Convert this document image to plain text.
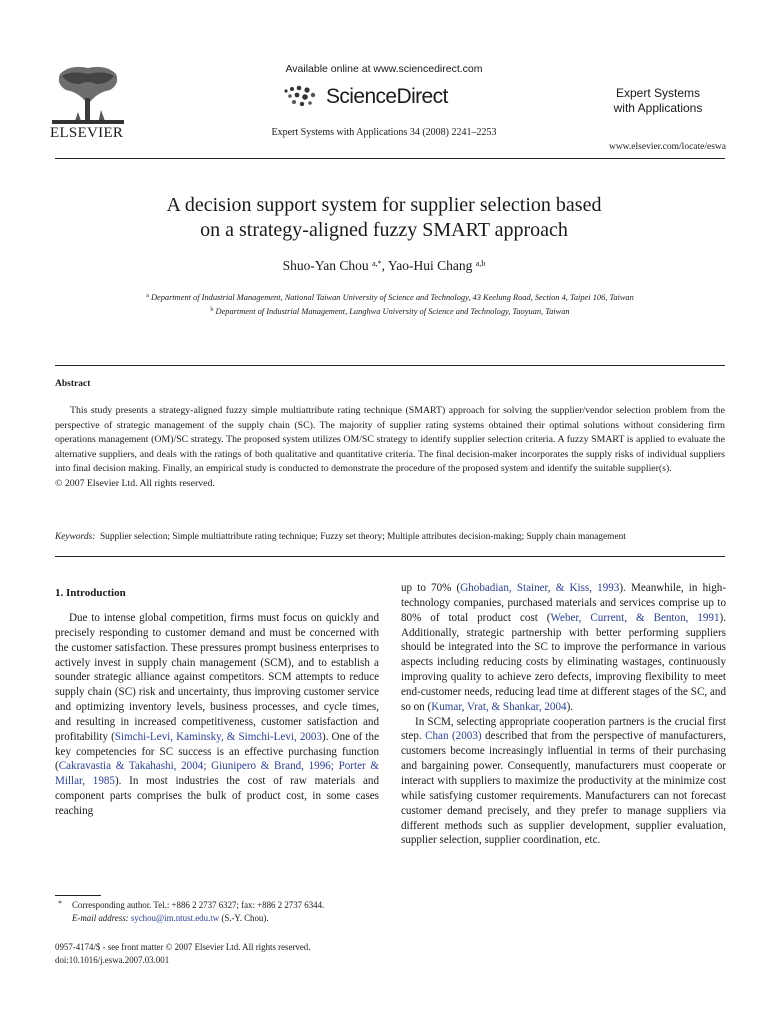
ELSEVIER
Available online at www.sciencedirect.com
ScienceDirect
Expert Systems with Applications 34 (2008) 2241–2253
Expert Systems
with Applications
www.elsevier.com/locate/eswa
A decision support system for supplier selection based
on a strategy-aligned fuzzy SMART approach
Shuo-Yan Chou $^{a,*}$, Yao-Hui Chang $^{a,b}$
$^a$ Department of Industrial Management, National Taiwan University of Science and Technology, 43 Keelung Road, Section 4, Taipei 106, Taiwan
$^b$ Department of Industrial Management, Lunghwa University of Science and Technology, Taoyuan, Taiwan
Abstract

This study presents a strategy-aligned fuzzy simple multiattribute rating technique (SMART) approach for solving the supplier/vendor selection problem from the perspective of strategic management of the supply chain (SC). The majority of supplier rating systems obtained their optimal solutions without considering firm operations management (OM)/SC strategy. The proposed system utilizes OM/SC strategy to identify supplier selection criteria. A fuzzy SMART is applied to evaluate the alternative suppliers, and deals with the ratings of both qualitative and quantitative criteria. The final decision-maker incorporates the supply risks of individual suppliers into final decision making. Finally, an empirical study is conducted to demonstrate the procedure of the proposed system and identify the suitable supplier(s).

© 2007 Elsevier Ltd. All rights reserved.

Keywords: Supplier selection; Simple multiattribute rating technique; Fuzzy set theory; Multiple attributes decision-making; Supply chain management
1. Introduction

Due to intense global competition, firms must focus on quickly and precisely responding to customer demand and must be concerned with the customer satisfaction. These pressures prompt business enterprises to actively invest in supply chain management (SCM), and to establish a sounder strategic alliance against competitors. SCM attempts to reduce supply chain (SC) risk and uncertainty, thus improving customer service and optimizing inventory levels, business processes, and cycle times, and resulting in increased competitiveness, customer satisfaction and profitability (Simchi-Levi, Kaminsky, & Simchi-Levi, 2003). One of the key competencies for SC success is an effective purchasing function (Cakravastia & Takahashi, 2004; Giunipero & Brand, 1996; Porter & Millar, 1985). In most industries the cost of raw materials and component parts comprises the bulk of product cost, in some cases reaching

up to 70% (Ghobadian, Stainer, & Kiss, 1993). Meanwhile, in high-technology companies, purchased materials and services comprise up to 80% of total product cost (Weber, Current, & Benton, 1991). Additionally, strategic partnership with better performing suppliers should be integrated into the SC to improve the performance in various aspects including reducing costs by eliminating wastages, continuously improving quality to achieve zero defects, improving flexibility to meet end-customer needs, reducing lead time at different stages of the SC, and so on (Kumar, Vrat, & Shankar, 2004).

In SCM, selecting appropriate cooperation partners is the crucial first step. Chan (2003) described that from the perspective of manufacturers, customers become increasingly influential in terms of their purchasing and bargaining power. Consequently, manufacturers must cooperate or interact with suppliers to maximize the productivity at the minimize cost while satisfying customer requirements. Manufacturers can not forecast customer demand precisely, and they prefer to manage suppliers via different methods such as supplier development, supplier evaluation, supplier selection, supplier coordination, etc.

*	Corresponding author. Tel.: +886 2 2737 6327; fax: +886 2 2737 6344.
E-mail address: sychou@im.ntust.edu.tw (S.-Y. Chou).
0957-4174/$ - see front matter © 2007 Elsevier Ltd. All rights reserved.
doi:10.1016/j.eswa.2007.03.001
